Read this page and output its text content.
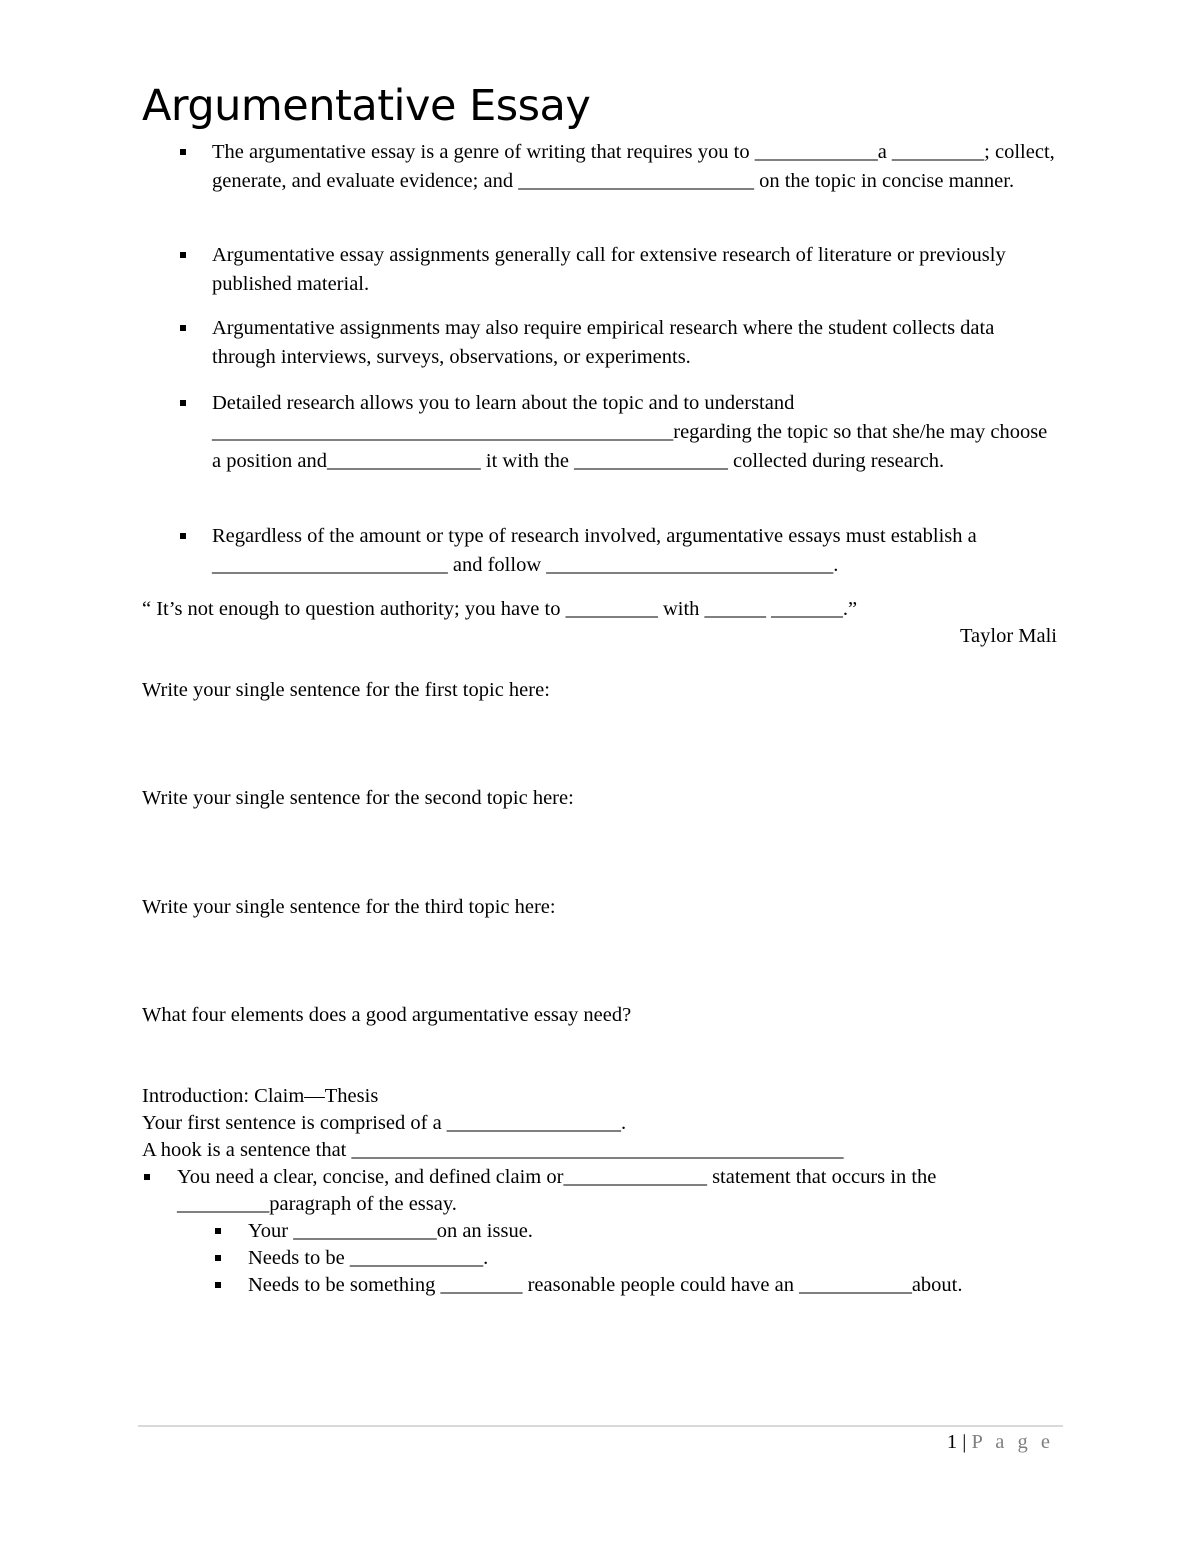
Argumentative Essay
The argumentative essay is a genre of writing that requires you to ____________a _________; collect, generate, and evaluate evidence; and _______________________ on the topic in concise manner.
Argumentative essay assignments generally call for extensive research of literature or previously published material.
Argumentative assignments may also require empirical research where the student collects data through interviews, surveys, observations, or experiments.
Detailed research allows you to learn about the topic and to understand _____________________________________________regarding the topic so that she/he may choose a position and_______________ it with the _______________ collected during research.
Regardless of the amount or type of research involved, argumentative essays must establish a _______________________ and follow ____________________________.
“ It’s not enough to question authority; you have to _________ with ______ _______.”
Taylor Mali
Write your single sentence for the first topic here:
Write your single sentence for the second topic here:
Write your single sentence for the third topic here:
What four elements does a good argumentative essay need?
Introduction: Claim—Thesis
Your first sentence is comprised of a _________________.
A hook is a sentence that ________________________________________________
You need a clear, concise, and defined claim or______________ statement that occurs in the _________paragraph of the essay.
Your ______________on an issue.
Needs to be _____________.
Needs to be something ________ reasonable people could have an ___________about.
1 | P a g e
